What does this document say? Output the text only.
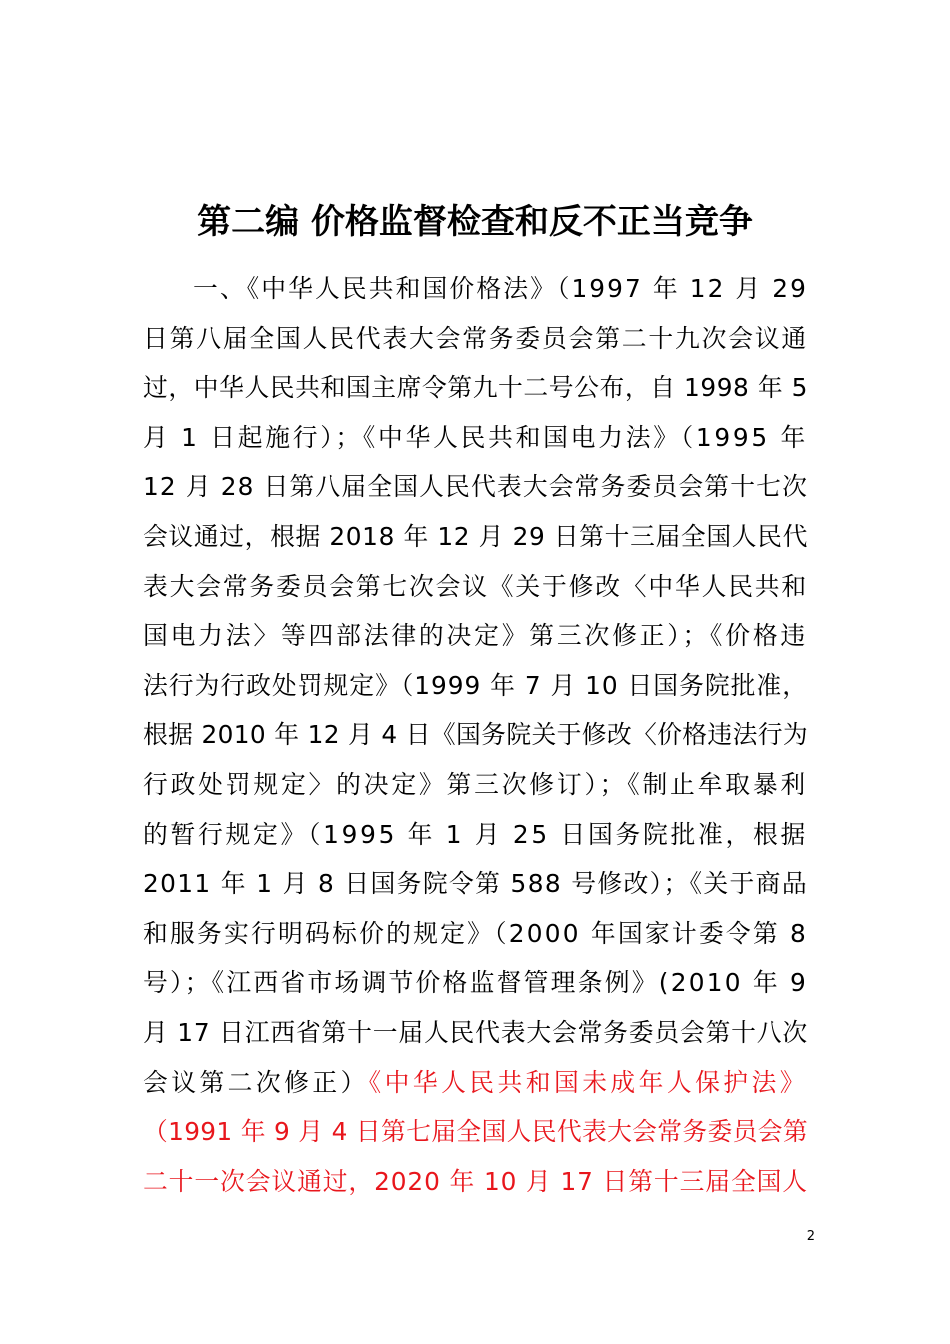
第二编 价格监督检查和反不正当竞争
一、《中华人民共和国价格法》（1997 年 12 月 29
日第八届全国人民代表大会常务委员会第二十九次会议通
过，中华人民共和国主席令第九十二号公布，自 1998 年 5
月 1 日起施行）；《中华人民共和国电力法》（1995 年
12 月 28 日第八届全国人民代表大会常务委员会第十七次
会议通过，根据 2018 年 12 月 29 日第十三届全国人民代
表大会常务委员会第七次会议《关于修改〈中华人民共和
国电力法〉等四部法律的决定》第三次修正）；《价格违
法行为行政处罚规定》（1999 年 7 月 10 日国务院批准，
根据 2010 年 12 月 4 日《国务院关于修改〈价格违法行为
行政处罚规定〉的决定》第三次修订）；《制止牟取暴利
的暂行规定》（1995 年 1 月 25 日国务院批准，根据
2011 年 1 月 8 日国务院令第 588 号修改）；《关于商品
和服务实行明码标价的规定》（2000 年国家计委令第 8
号）；《江西省市场调节价格监督管理条例》(2010 年 9
月 17 日江西省第十一届人民代表大会常务委员会第十八次
会议第二次修正）《中华人民共和国未成年人保护法》
（1991 年 9 月 4 日第七届全国人民代表大会常务委员会第
二十一次会议通过，2020 年 10 月 17 日第十三届全国人
2
